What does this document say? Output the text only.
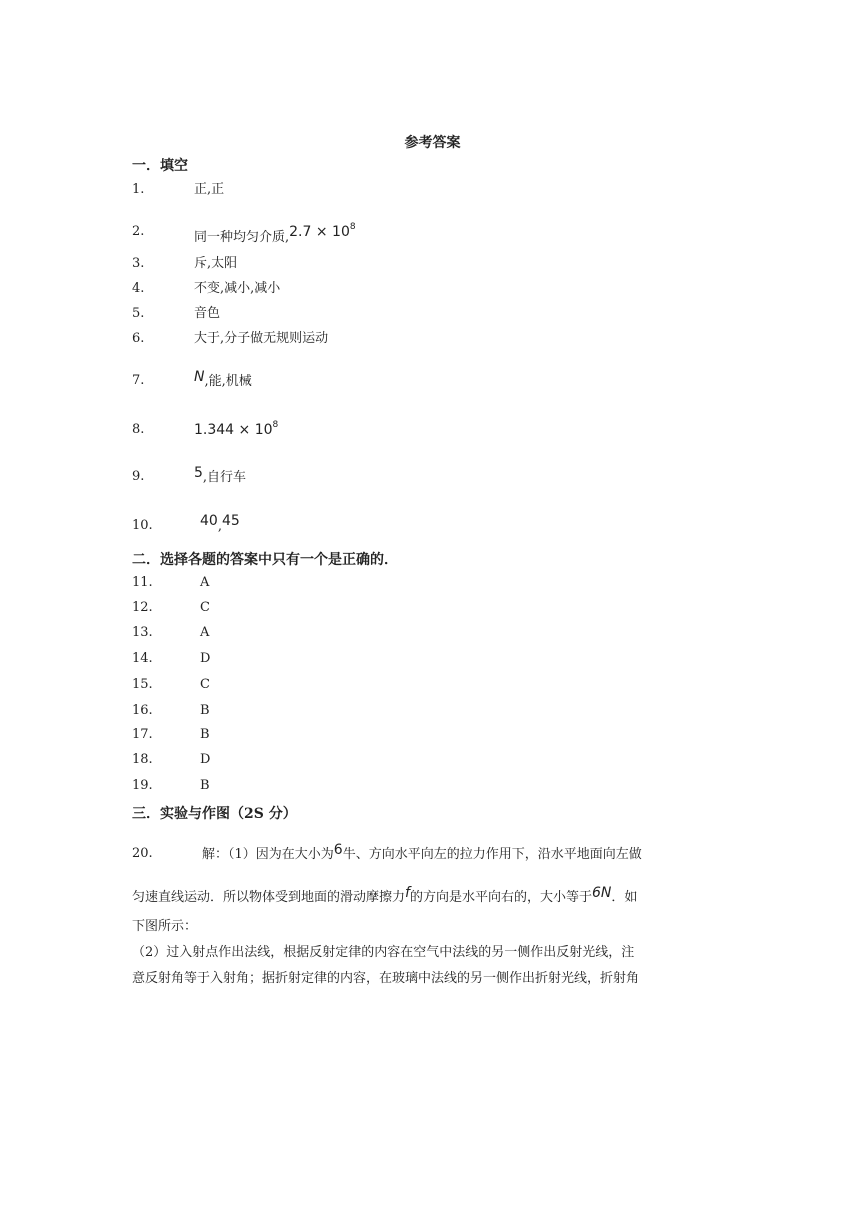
参考答案
一．填空
1.	正,正
2.	同一种均匀介质$,2.7 \times 10^8$
3.	斥,太阳
4.	不变,减小,减小
5.	音色
6.	大于,分子做无规则运动
7.	N,能,机械
8.	$1.344 \times 10^8$
9.	5,自行车
10.	40,45
二．选择各题的答案中只有一个是正确的．
11.	A
12.	C
13.	A
14.	D
15.	C
16.	B
17.	B
18.	D
19.	B
三．实验与作图（2S 分）
20.	解：（1）因为在大小为6牛、方向水平向左的拉力作用下，沿水平地面向左做
匀速直线运动．所以物体受到地面的滑动摩擦力f的方向是水平向右的，大小等于6N．如
下图所示：
（2）过入射点作出法线，根据反射定律的内容在空气中法线的另一侧作出反射光线，注
意反射角等于入射角；据折射定律的内容，在玻璃中法线的另一侧作出折射光线，折射角
